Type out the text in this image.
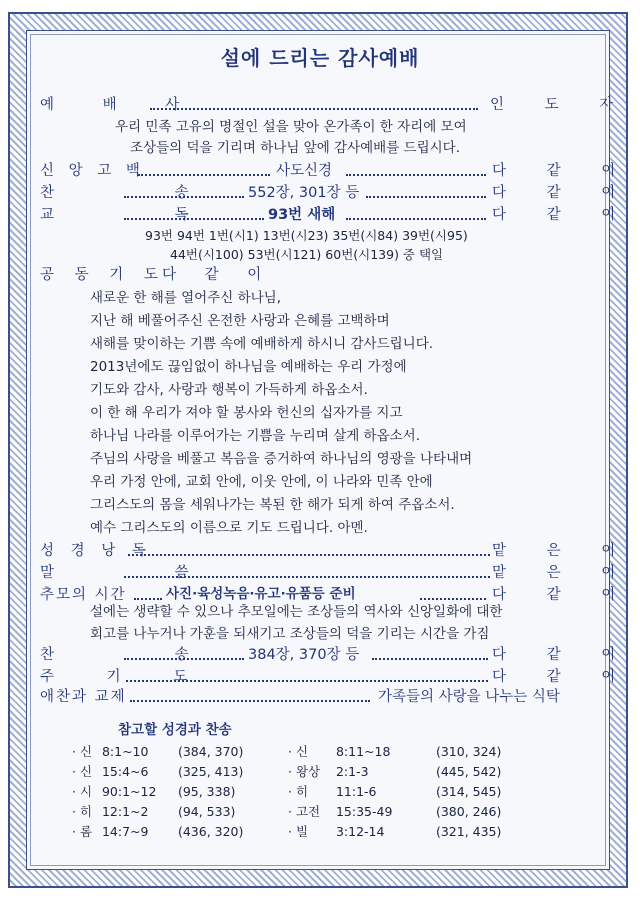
설에 드리는 감사예배
예 배 사	인 도 자
우리 민족 고유의 명절인 설을 맞아 온가족이 한 자리에 모여
조상들의 덕을 기리며 하나님 앞에 감사예배를 드립시다.
신 앙 고 백	사도신경	다 같 이
찬 송 552장, 301장 등	다 같 이
교 독 93번 새해	다 같 이
93번 94번 1번(시1) 13번(시23) 35번(시84) 39번(시95)
44번(시100) 53번(시121) 60번(시139) 중 택일
공 동 기 도
다 같 이
새로운 한 해를 열어주신 하나님,
지난 해 베풀어주신 온전한 사랑과 은혜를 고백하며
새해를 맞이하는 기쁨 속에 예배하게 하시니 감사드립니다.
2013년에도 끊임없이 하나님을 예배하는 우리 가정에
기도와 감사, 사랑과 행복이 가득하게 하옵소서.
이 한 해 우리가 져야 할 봉사와 헌신의 십자가를 지고
하나님 나라를 이루어가는 기쁨을 누리며 살게 하옵소서.
주님의 사랑을 베풀고 복음을 증거하여 하나님의 영광을 나타내며
우리 가정 안에, 교회 안에, 이웃 안에, 이 나라와 민족 안에
그리스도의 몸을 세워나가는 복된 한 해가 되게 하여 주옵소서.
예수 그리스도의 이름으로 기도 드립니다. 아멘.
성 경 낭 독	맡 은 이
말 씀	맡 은 이
추모의 시간	사진·육성녹음·유고·유품등 준비	다 같 이
설에는 생략할 수 있으나 추모일에는 조상들의 역사와 신앙일화에 대한
회고를 나누거나 가훈을 되새기고 조상들의 덕을 기리는 시간을 가짐
찬 송 384장, 370장 등	다 같 이
주 기 도	다 같 이
애찬과 교제	가족들의 사랑을 나누는 식탁
참고할 성경과 찬송
· 신 8:1~10 (384, 370)
· 신 15:4~6 (325, 413)
· 시 90:1~12 (95, 338)
· 히 12:1~2 (94, 533)
· 롬 14:7~9 (436, 320)
· 신 8:11~18	(310, 324)
· 왕상 2:1-3	(445, 542)
· 히 11:1-6	(314, 545)
· 고전 15:35-49	(380, 246)
· 빌 3:12-14	(321, 435)
